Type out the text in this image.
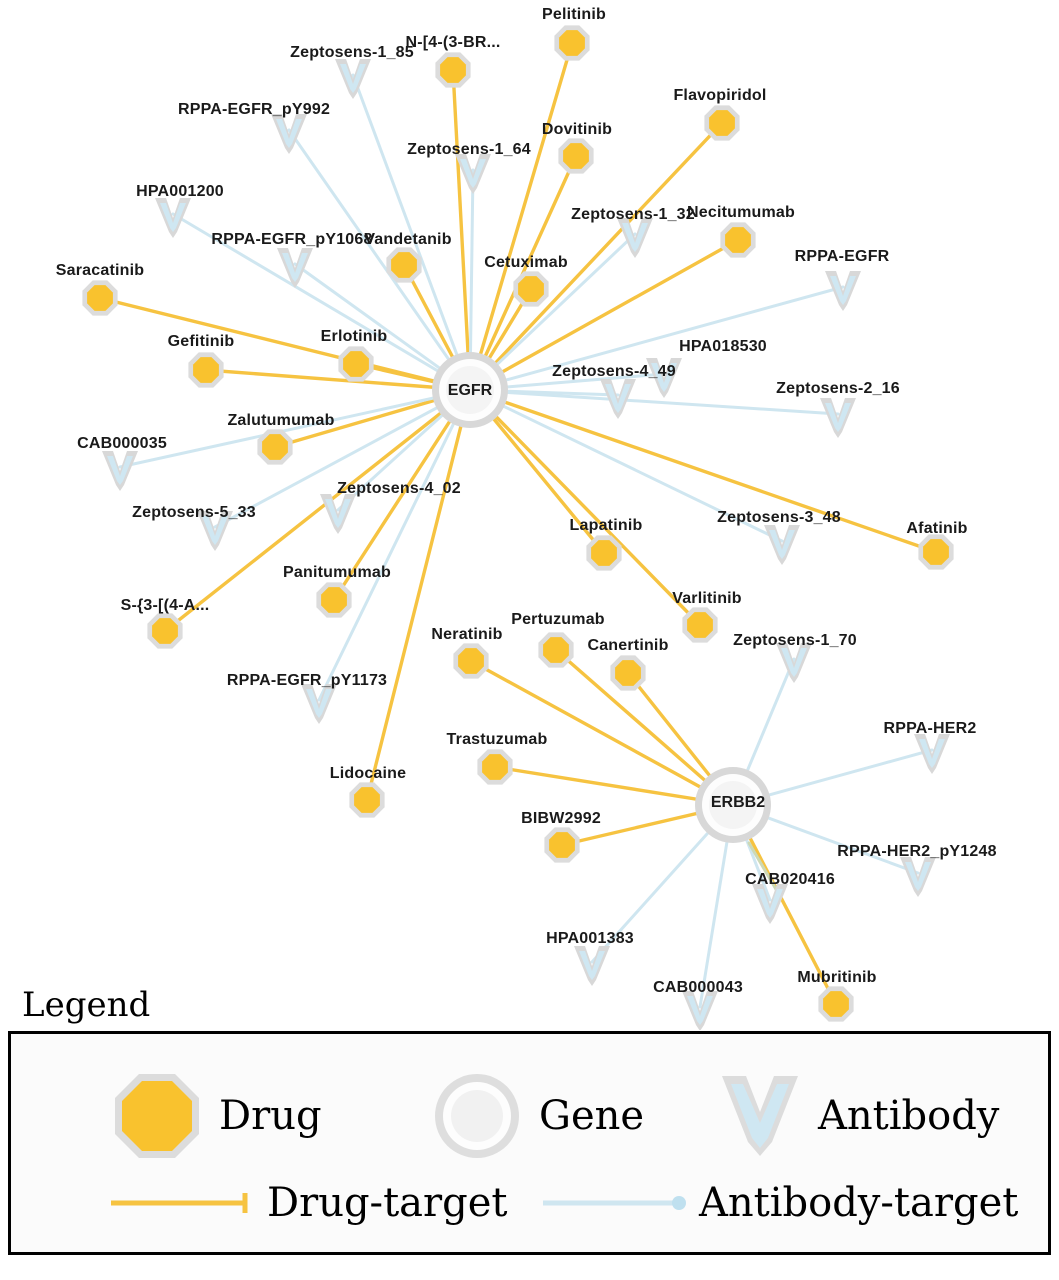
Pelitinib
N-[4-(3-BR...
Flavopiridol
Dovitinib
Necitumumab
Vandetanib
Cetuximab
Saracatinib
Erlotinib
Gefitinib
Zalutumumab
Afatinib
Lapatinib
Varlitinib
Panitumumab
S-{3-[(4-A...
Pertuzumab
Canertinib
Neratinib
Trastuzumab
Lidocaine
BIBW2992
Mubritinib
Zeptosens-1_85
RPPA-EGFR_pY992
Zeptosens-1_64
HPA001200
Zeptosens-1_32
RPPA-EGFR_pY1068
RPPA-EGFR
HPA018530
Zeptosens-4_49
Zeptosens-2_16
CAB000035
Zeptosens-4_02
Zeptosens-5_33	Zeptosens-3_48
Zeptosens-1_70
RPPA-EGFR_pY1173
RPPA-HER2
RPPA-HER2_pY1248
CAB020416
HPA001383
CAB000043
EGFR
ERBB2
Legend
Drug	Gene	Antibody
Drug-target	Antibody-target
